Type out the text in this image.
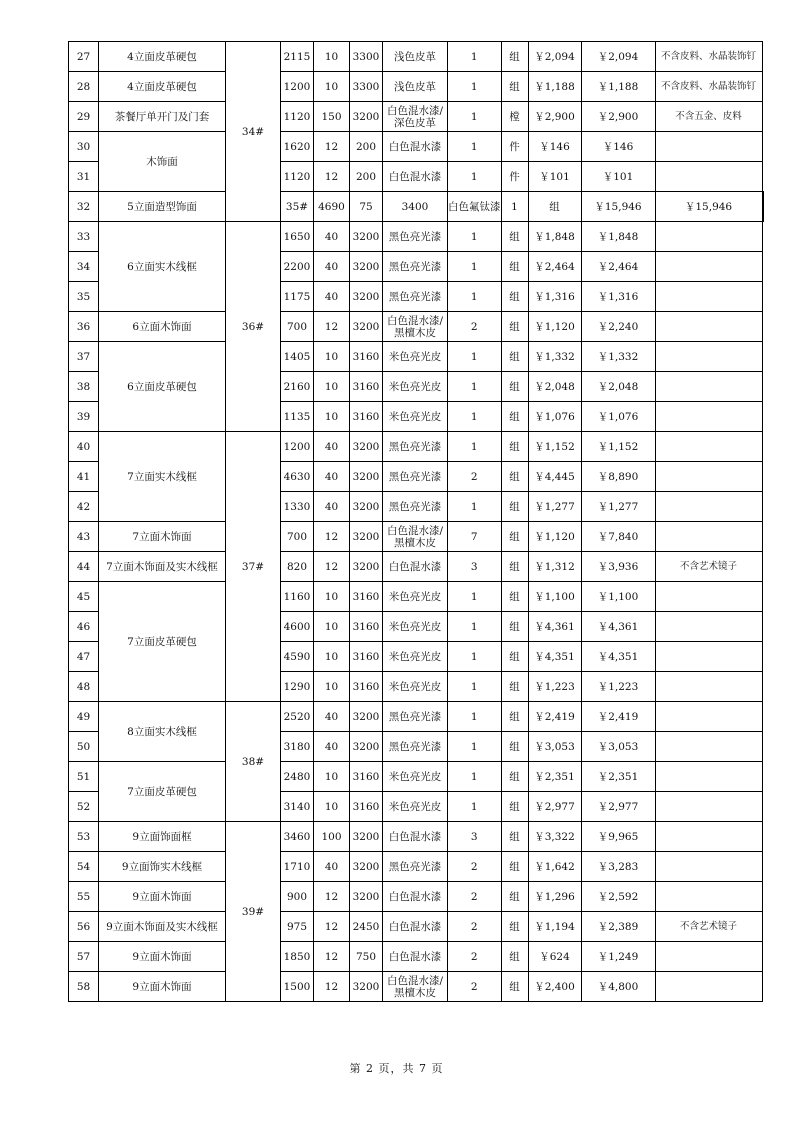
27	4立面皮革硬包	34#	2115	10	3300	浅色皮革	1	组	￥2,094	￥2,094	不含皮料、水晶装饰钉	
28	4立面皮革硬包		1200	10	3300	浅色皮革	1	组	￥1,188	￥1,188	不含皮料、水晶装饰钉	
29	茶餐厅单开门及门套		1120	150	3200	白色混水漆/深色皮革	1	樘	￥2,900	￥2,900	不含五金、皮料	
30	木饰面		1620	12	200	白色混水漆	1	件	￥146	￥146		
31			1120	12	200	白色混水漆	1	件	￥101	￥101		
32	5立面造型饰面		35#	4690	75	3400	白色氟钛漆	1	组	￥15,946	￥15,946	
33	6立面实木线框	36#	1650	40	3200	黑色亮光漆	1	组	￥1,848	￥1,848		
34			2200	40	3200	黑色亮光漆	1	组	￥2,464	￥2,464		
35			1175	40	3200	黑色亮光漆	1	组	￥1,316	￥1,316		
36	6立面木饰面		700	12	3200	白色混水漆/黑檀木皮	2	组	￥1,120	￥2,240		
37	6立面皮革硬包		1405	10	3160	米色亮光皮	1	组	￥1,332	￥1,332		
38			2160	10	3160	米色亮光皮	1	组	￥2,048	￥2,048		
39			1135	10	3160	米色亮光皮	1	组	￥1,076	￥1,076		
40	7立面实木线框	37#	1200	40	3200	黑色亮光漆	1	组	￥1,152	￥1,152		
41			4630	40	3200	黑色亮光漆	2	组	￥4,445	￥8,890		
42			1330	40	3200	黑色亮光漆	1	组	￥1,277	￥1,277		
43	7立面木饰面		700	12	3200	白色混水漆/黑檀木皮	7	组	￥1,120	￥7,840		
44	7立面木饰面及实木线框		820	12	3200	白色混水漆	3	组	￥1,312	￥3,936	不含艺术镜子	
45	7立面皮革硬包		1160	10	3160	米色亮光皮	1	组	￥1,100	￥1,100		
46			4600	10	3160	米色亮光皮	1	组	￥4,361	￥4,361		
47			4590	10	3160	米色亮光皮	1	组	￥4,351	￥4,351		
48			1290	10	3160	米色亮光皮	1	组	￥1,223	￥1,223		
49	8立面实木线框	38#	2520	40	3200	黑色亮光漆	1	组	￥2,419	￥2,419		
50			3180	40	3200	黑色亮光漆	1	组	￥3,053	￥3,053		
51	7立面皮革硬包		2480	10	3160	米色亮光皮	1	组	￥2,351	￥2,351		
52			3140	10	3160	米色亮光皮	1	组	￥2,977	￥2,977		
53	9立面饰面框	39#	3460	100	3200	白色混水漆	3	组	￥3,322	￥9,965		
54	9立面饰实木线框		1710	40	3200	黑色亮光漆	2	组	￥1,642	￥3,283		
55	9立面木饰面		900	12	3200	白色混水漆	2	组	￥1,296	￥2,592		
56	9立面木饰面及实木线框		975	12	2450	白色混水漆	2	组	￥1,194	￥2,389	不含艺术镜子	
57	9立面木饰面		1850	12	750	白色混水漆	2	组	￥624	￥1,249		
58	9立面木饰面		1500	12	3200	白色混水漆/黑檀木皮	2	组	￥2,400	￥4,800		
第 2 页，共 7 页
